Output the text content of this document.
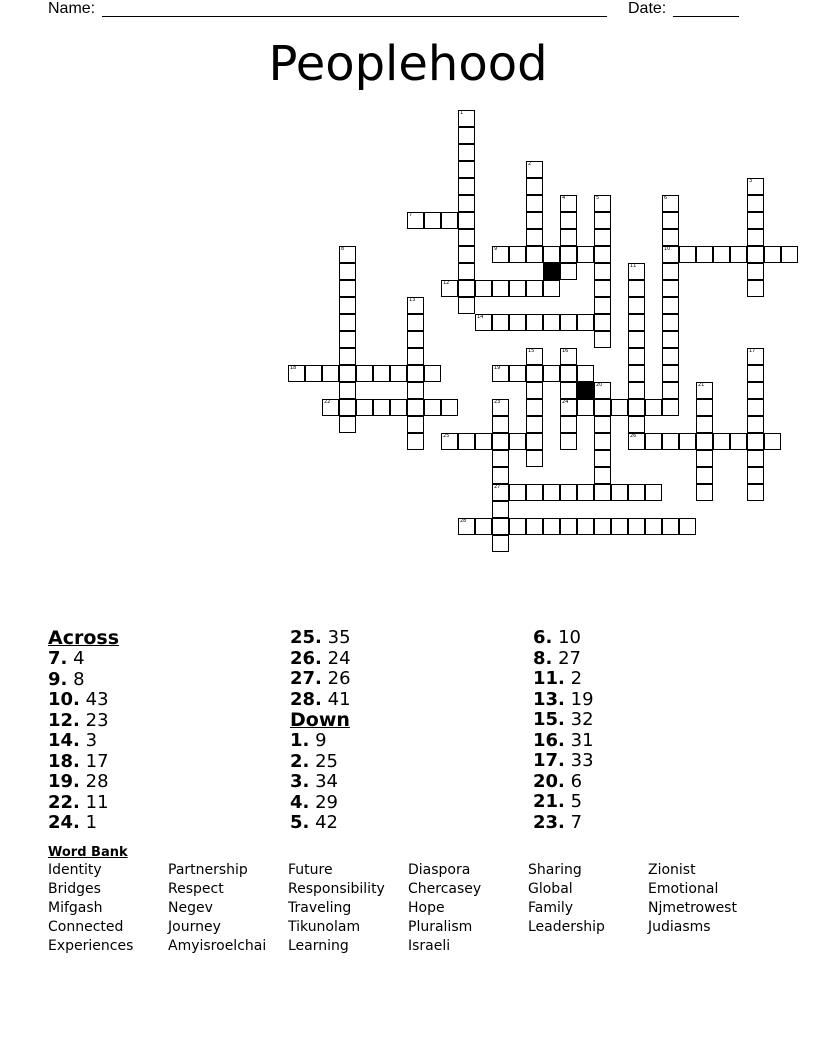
Name:	Date:
Peoplehood
1
2
3
4	5	6
7
8	9	10
11
12
13
14
15	16	17
18	19
20	21
22	23	24
25	26
27
28
Across
7. 4
9. 8
10. 43
12. 23
14. 3
18. 17
19. 28
22. 11
24. 1
25. 35
26. 24
27. 26
28. 41
Down
1. 9
2. 25
3. 34
4. 29
5. 42
6. 10
8. 27
11. 2
13. 19
15. 32
16. 31
17. 33
20. 6
21. 5
23. 7
Word Bank
Identity	Partnership	Future	Diaspora	Sharing	Zionist
Bridges	Respect	Responsibility	Chercasey	Global	Emotional
Mifgash	Negev	Traveling	Hope	Family	Njmetrowest
Connected	Journey	Tikunolam	Pluralism	Leadership	Judiasms
Experiences	Amyisroelchai	Learning	Israeli
